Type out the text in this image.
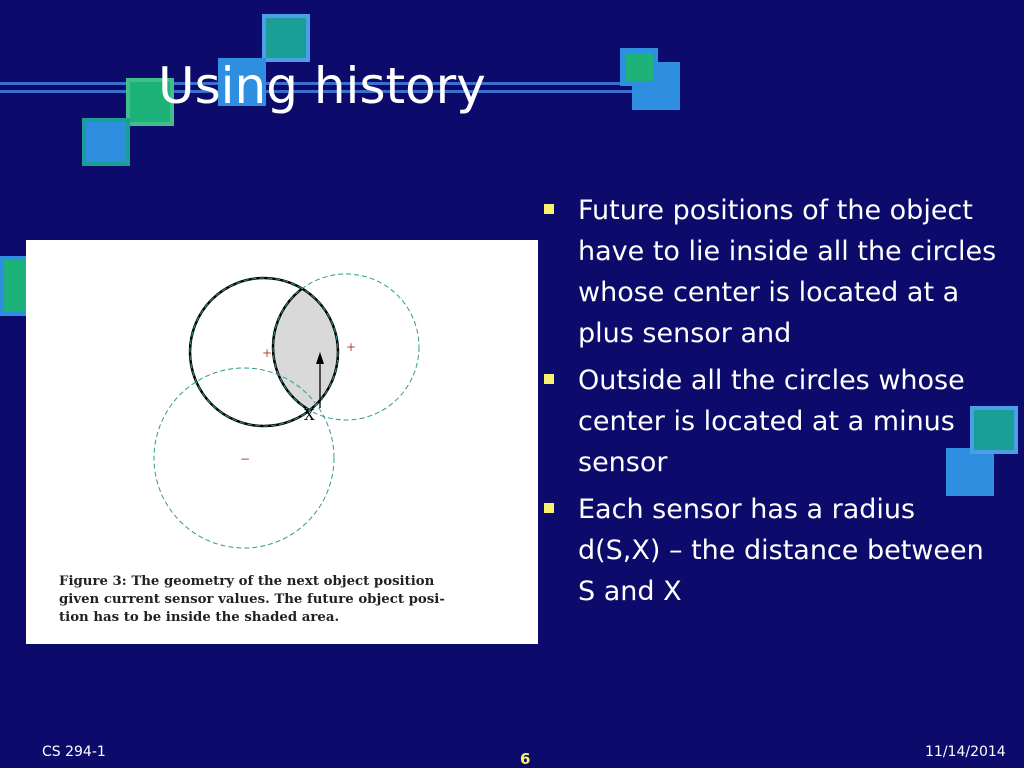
Using history
+	+
−
X
Figure 3: The geometry of the next object position
given current sensor values. The future object posi-
tion has to be inside the shaded area.
Future positions of the object have to lie inside all the circles whose center is located at a plus sensor and
Outside all the circles whose center is located at a minus sensor
Each sensor has a radius d(S,X) – the distance between S and X
CS 294-1	6	11/14/2014
